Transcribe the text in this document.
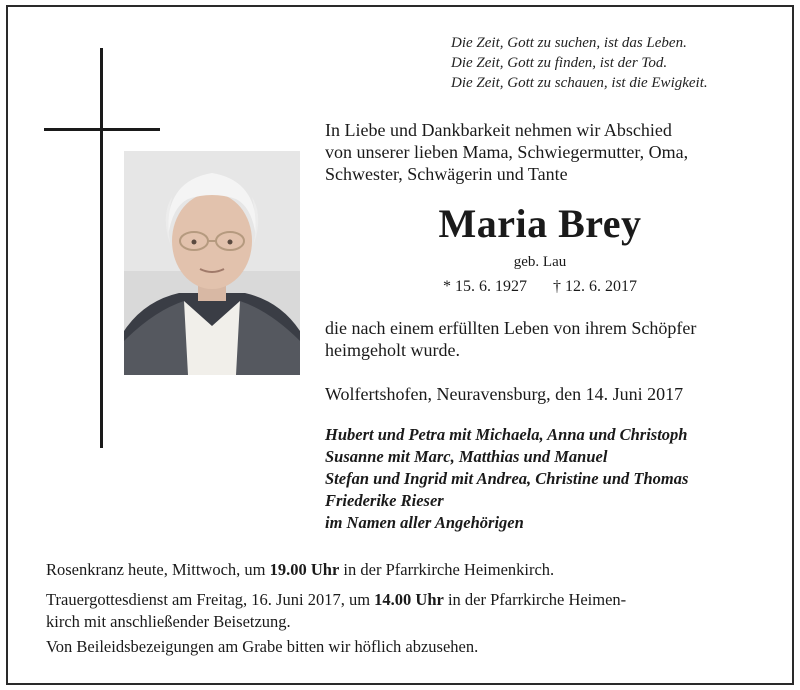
Die Zeit, Gott zu suchen, ist das Leben.
Die Zeit, Gott zu finden, ist der Tod.
Die Zeit, Gott zu schauen, ist die Ewigkeit.
In Liebe und Dankbarkeit nehmen wir Abschied
von unserer lieben Mama, Schwiegermutter, Oma,
Schwester, Schwägerin und Tante
Maria Brey
geb. Lau
* 15. 6. 1927 † 12. 6. 2017
die nach einem erfüllten Leben von ihrem Schöpfer
heimgeholt wurde.
Wolfertshofen, Neuravensburg, den 14. Juni 2017
Hubert und Petra mit Michaela, Anna und Christoph
Susanne mit Marc, Matthias und Manuel
Stefan und Ingrid mit Andrea, Christine und Thomas
Friederike Rieser
im Namen aller Angehörigen
Rosenkranz heute, Mittwoch, um 19.00 Uhr in der Pfarrkirche Heimenkirch.
Trauergottesdienst am Freitag, 16. Juni 2017, um 14.00 Uhr in der Pfarrkirche Heimen-
kirch mit anschließender Beisetzung.
Von Beileidsbezeigungen am Grabe bitten wir höflich abzusehen.
